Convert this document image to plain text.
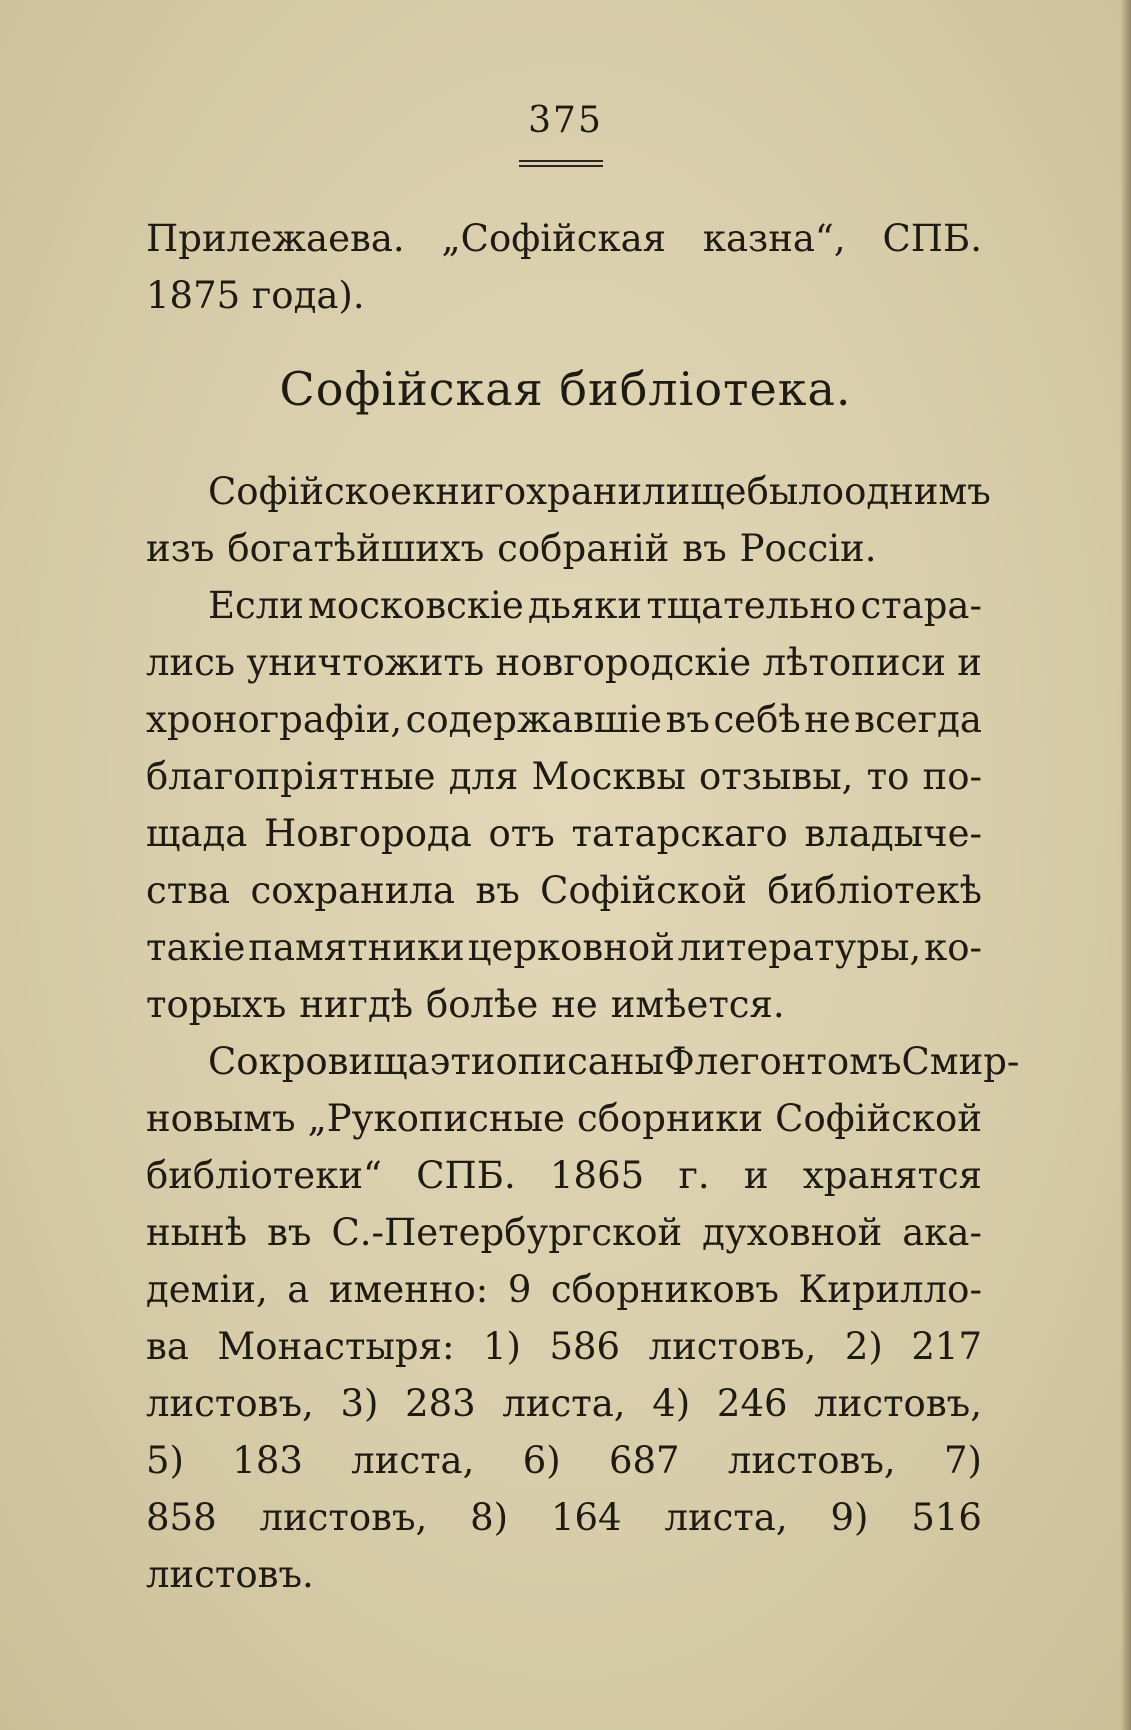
375
Прилежаева. „Софійская казна“, СПБ.
1875 года).
Софійская библіотека.
Софійское книгохранилище было однимъ
изъ богатѣйшихъ собраній въ Россіи.
Если московскіе дьяки тщательно стара-
лись уничтожить новгородскіе лѣтописи и
хронографіи, содержавшіе въ себѣ не всегда
благопріятные для Москвы отзывы, то по-
щада Новгорода отъ татарскаго владыче-
ства сохранила въ Софійской библіотекѣ
такіе памятники церковной литературы, ко-
торыхъ нигдѣ болѣе не имѣется.
Сокровища эти описаны Флегонтомъ Смир-
новымъ „Рукописные сборники Софійской
библіотеки“ СПБ. 1865 г. и хранятся
нынѣ въ С.-Петербургской духовной ака-
деміи, а именно: 9 сборниковъ Кирилло-
ва Монастыря: 1) 586 листовъ, 2) 217
листовъ, 3) 283 листа, 4) 246 листовъ,
5) 183 листа, 6) 687 листовъ, 7)
858 листовъ, 8) 164 листа, 9) 516
листовъ.
